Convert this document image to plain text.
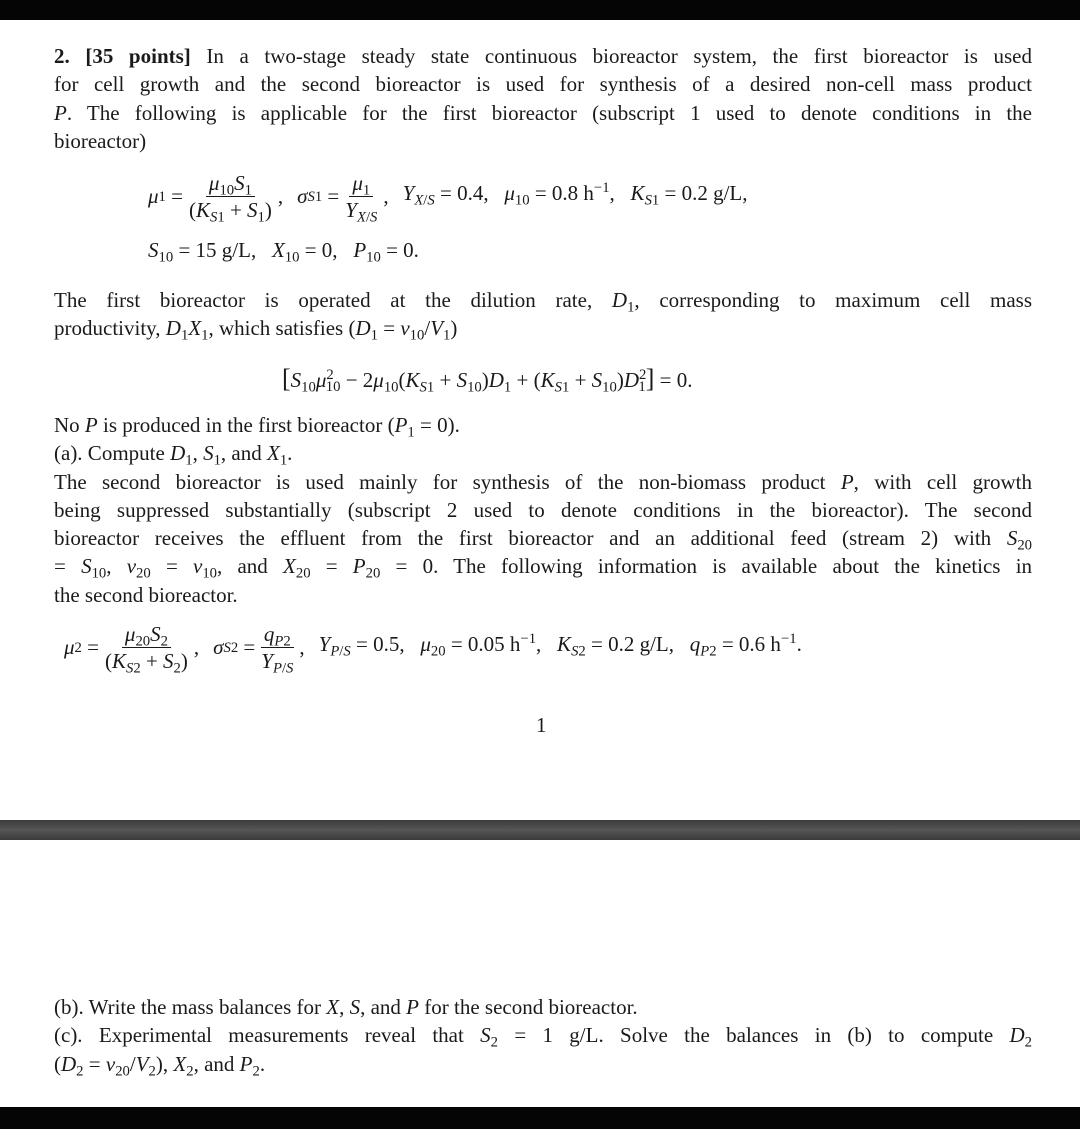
2. [35 points] In a two-stage steady state continuous bioreactor system, the first bioreactor is used
for cell growth and the second bioreactor is used for synthesis of a desired non-cell mass product
P. The following is applicable for the first bioreactor (subscript 1 used to denote conditions in the
bioreactor)
μ $1 = \frac{\mu_{10}S_1}{(K_{S1} + S_1)}$ , σ $S1 = \frac{\mu_1}{Y_{X/S}}$ , $Y_{X/S} = 0.4$,   $\mu_{10} = 0.8$ $h^{-1}$,   $K_{S1} = 0.2$ g/L,
$S_{10} = 15$ g/L,   $X_{10} = 0$,   $P_{10} = 0$.
The first bioreactor is operated at the dilution rate, $D_1$, corresponding to maximum cell mass
productivity, $D_1X_1$, which satisfies $(D_1 = v_{10}/V_1)$
$[S_{10}\mu^2_{10} - 2\mu_{10}(K_{S1} + S_{10})D_1 + (K_{S1} + S_{10})D^2_1] = 0$.
No P is produced in the first bioreactor $(P_1 = 0)$.
(a). Compute $D_1$, $S_1$, and $X_1$.
The second bioreactor is used mainly for synthesis of the non-biomass product P, with cell growth
being suppressed substantially (subscript 2 used to denote conditions in the bioreactor). The second
bioreactor receives the effluent from the first bioreactor and an additional feed (stream 2) with $S_{20}$
= $S_{10}$, $v_{20} = v_{10}$, and $X_{20} = P_{20} = 0$. The following information is available about the kinetics in
the second bioreactor.
μ $2 = \frac{\mu_{20}S_2}{(K_{S2} + S_2)}$ , σ $S2 = \frac{q_{P2}}{Y_{P/S}}$ , $Y_{P/S} = 0.5$,   $\mu_{20} = 0.05$ $h^{-1}$,   $K_{S2} = 0.2$ g/L,   $q_{P2} = 0.6$ $h^{-1}$.
1
(b). Write the mass balances for X, S, and P for the second bioreactor.
(c). Experimental measurements reveal that $S_2 = 1$ g/L. Solve the balances in (b) to compute $D_2$
$(D_2 = v_{20}/V_2)$, $X_2$, and $P_2$.
